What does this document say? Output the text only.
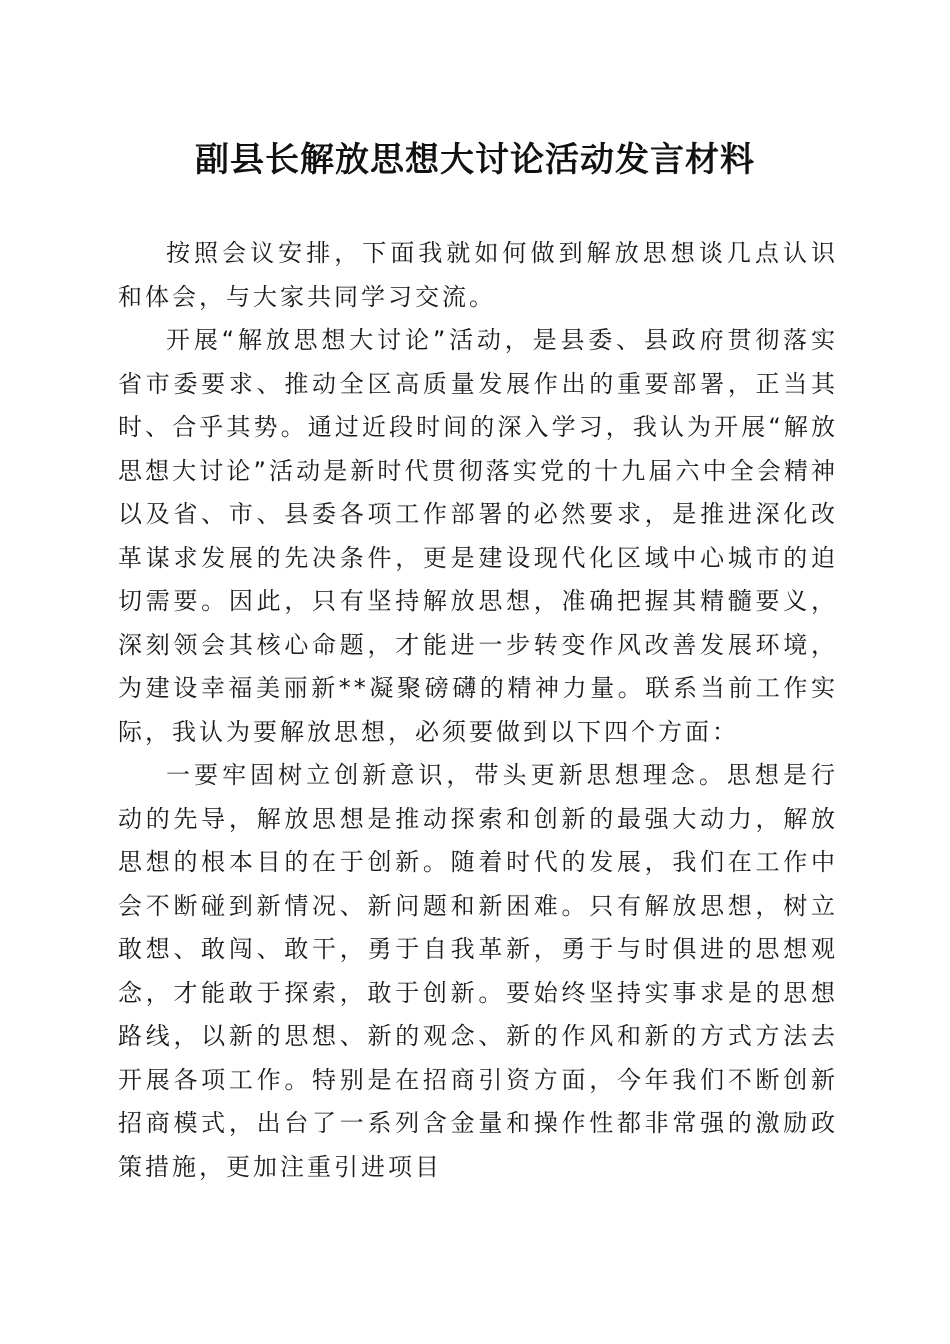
副县长解放思想大讨论活动发言材料

按照会议安排，下面我就如何做到解放思想谈几点认识和体会，与大家共同学习交流。

开展“解放思想大讨论”活动，是县委、县政府贯彻落实省市委要求、推动全区高质量发展作出的重要部署，正当其时、合乎其势。通过近段时间的深入学习，我认为开展“解放思想大讨论”活动是新时代贯彻落实党的十九届六中全会精神以及省、市、县委各项工作部署的必然要求，是推进深化改革谋求发展的先决条件，更是建设现代化区域中心城市的迫切需要。因此，只有坚持解放思想，准确把握其精髓要义，深刻领会其核心命题，才能进一步转变作风改善发展环境，为建设幸福美丽新**凝聚磅礴的精神力量。联系当前工作实际，我认为要解放思想，必须要做到以下四个方面：

一要牢固树立创新意识，带头更新思想理念。思想是行动的先导，解放思想是推动探索和创新的最强大动力，解放思想的根本目的在于创新。随着时代的发展，我们在工作中会不断碰到新情况、新问题和新困难。只有解放思想，树立敢想、敢闯、敢干，勇于自我革新，勇于与时俱进的思想观念，才能敢于探索，敢于创新。要始终坚持实事求是的思想路线，以新的思想、新的观念、新的作风和新的方式方法去开展各项工作。特别是在招商引资方面，今年我们不断创新招商模式，出台了一系列含金量和操作性都非常强的激励政策措施，更加注重引进项目
